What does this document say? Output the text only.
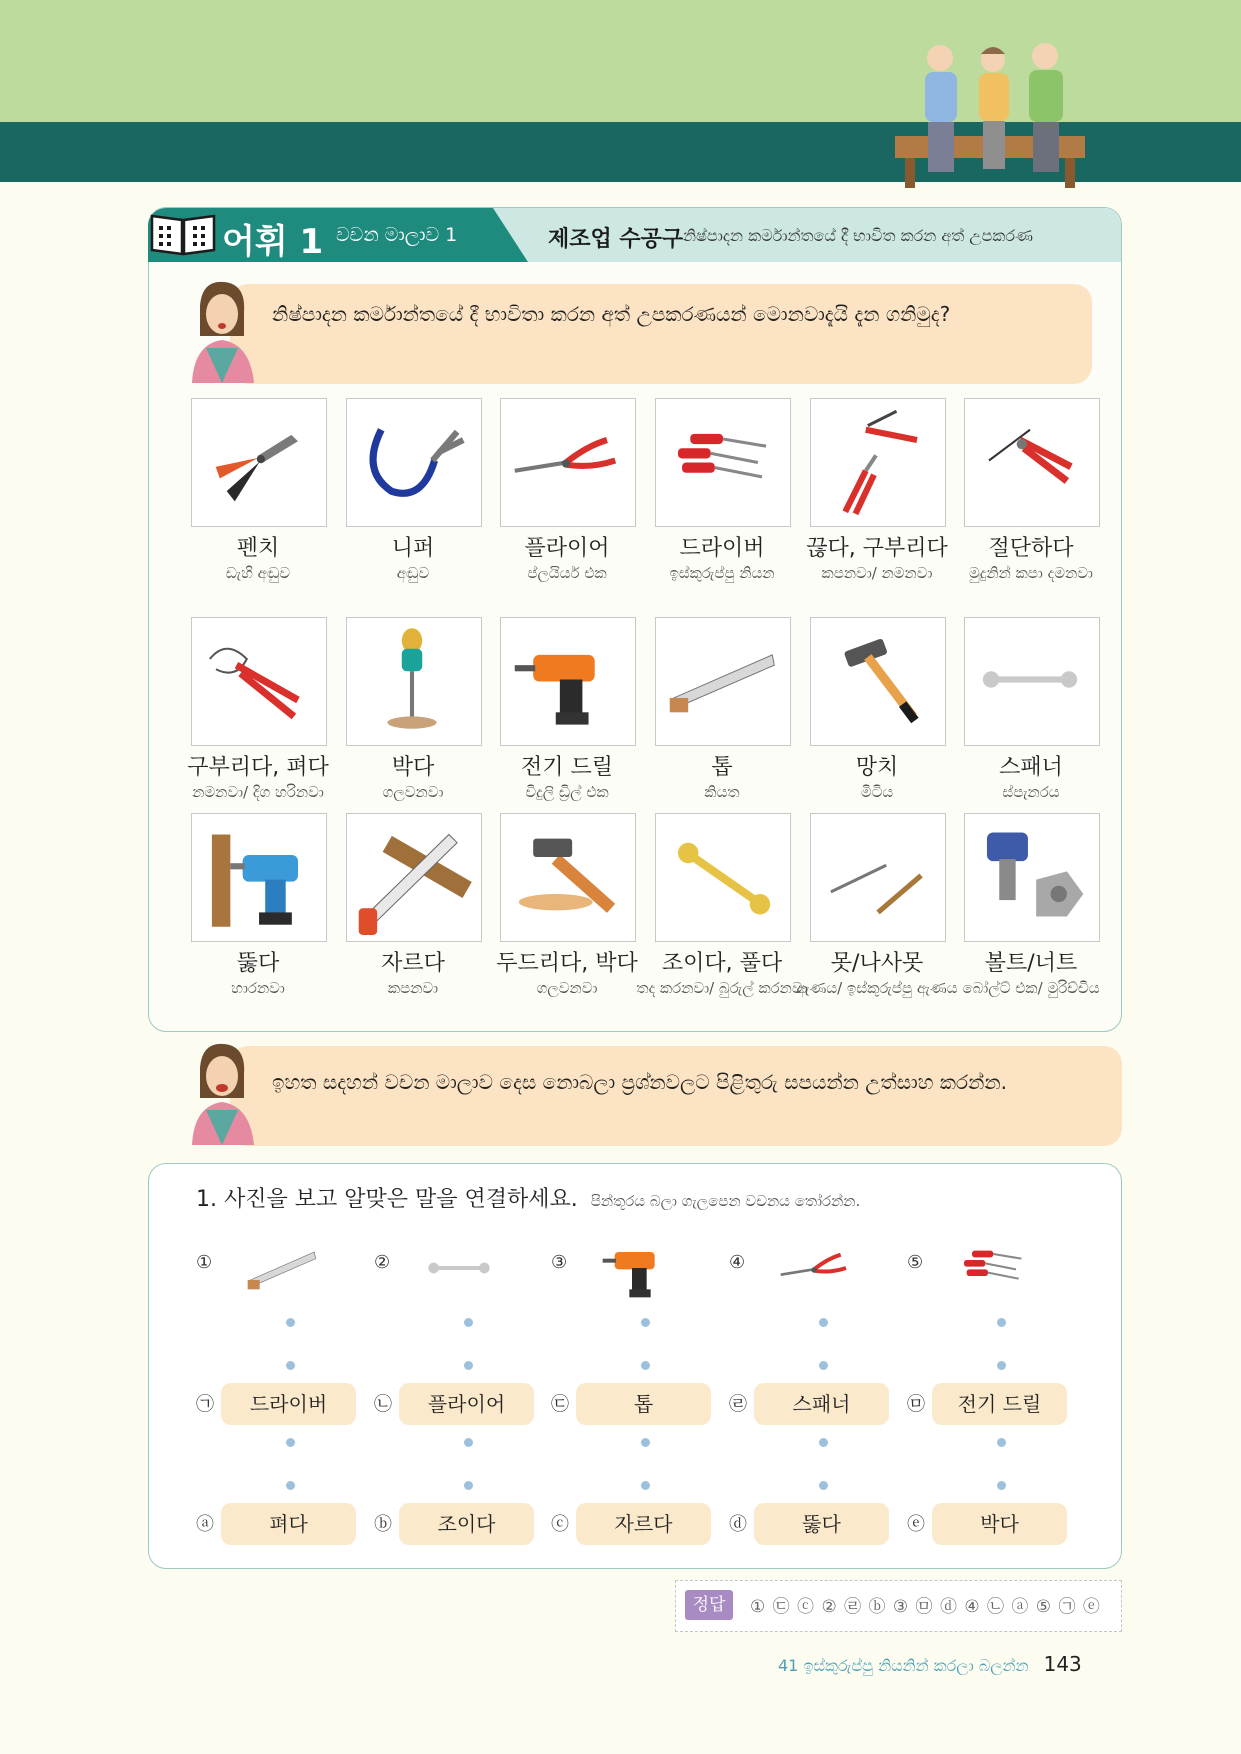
어휘 1 වචන මාලාව 1	제조업 수공구 නිෂ්පාදන කර්මාන්තයේ දී භාවිත කරන අත් උපකරණ
නිෂ්පාදන කර්මාන්තයේ දී භාවිතා කරන අත් උපකරණයන් මොනවාදැයි දැන ගනිමුද?
펜치
ඩැහි අඬුව
니퍼
අඬුව
플라이어
ප්ලයියර් එක
드라이버
ඉස්කුරුප්පු නියන
끊다, 구부리다
කපනවා/ නමනවා
절단하다
මුදුනින් කපා දමනවා
구부리다, 펴다
නමනවා/ දිග හරිනවා
박다
ගලවනවා
전기 드릴
විදුලි ඩ්‍රිල් එක
톱
කියත
망치
මිටිය
스패너
ස්පැනරය
뚫다
හාරනවා
자르다
කපනවා
두드리다, 박다
ගලවනවා
조이다, 풀다
තද කරනවා/ බුරුල් කරනවා
못/나사못
ඇණය/ ඉස්කුරුප්පු ඇණය
볼트/너트
බෝල්ට් එක/ මුරිච්චිය
ඉහත සදහන් වචන මාලාව දෙස නොබලා ප්‍රශ්නවලට පිළිතුරු සපයන්න උත්සාහ කරන්න.
1. 사진을 보고 알맞은 말을 연결하세요. පින්තූරය බලා ගැලපෙන වචනය තෝරන්න.
①	②	③	④	⑤
㉠	드라이버	㉡	플라이어	㉢	톱	㉣	스패너	㉤	전기 드릴
ⓐ	펴다	ⓑ	조이다	ⓒ	자르다	ⓓ	뚫다	ⓔ	박다
정답	① ㉢ ⓒ ② ㉣ ⓑ ③ ㉤ ⓓ ④ ㉡ ⓐ ⑤ ㉠ ⓔ
41 ඉස්කුරුප්පු නියනින් කරලා බලන්න 143
